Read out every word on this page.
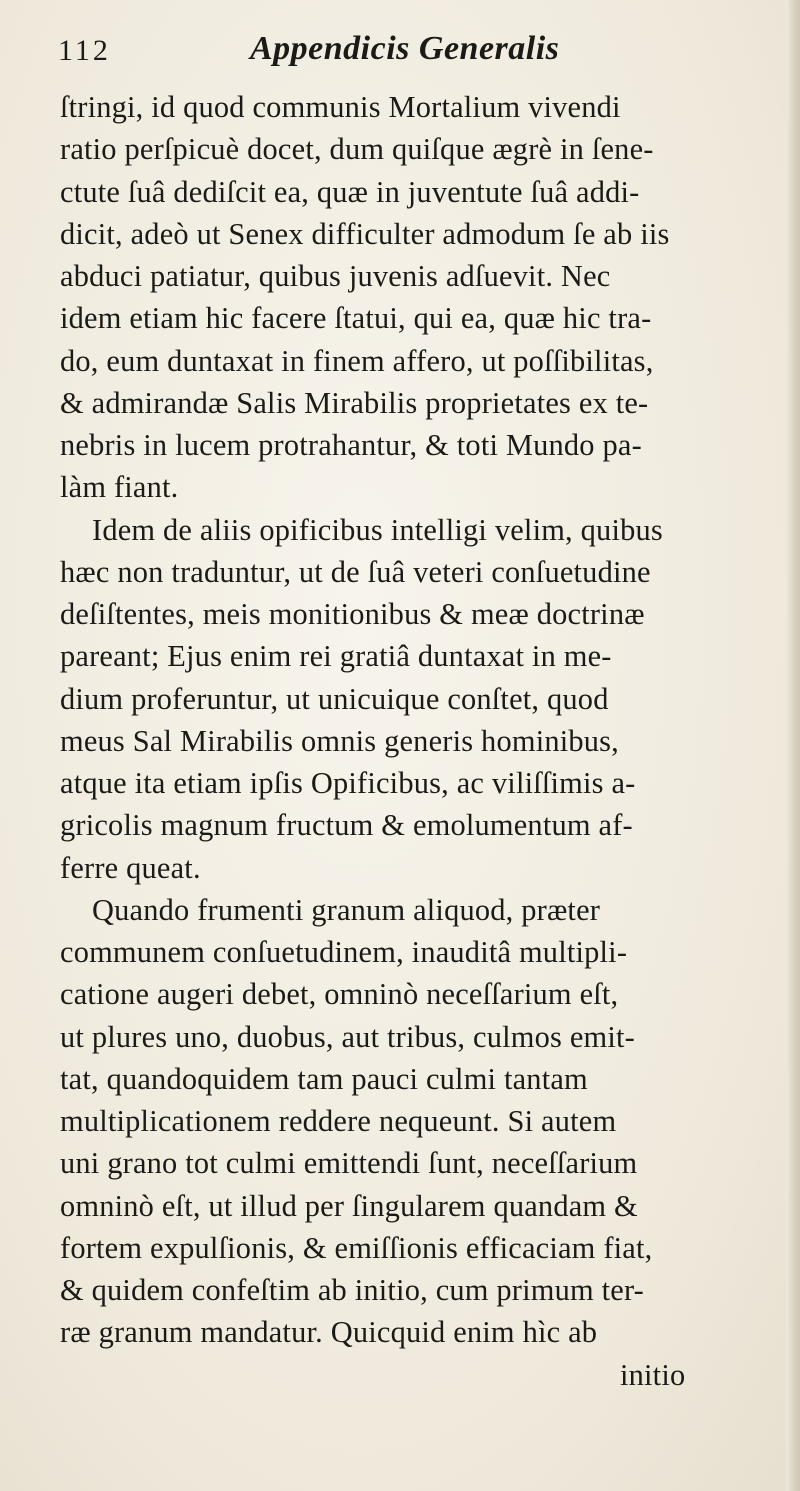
112	Appendicis Generalis
ſtringi, id quod communis Mortalium vivendi
ratio perſpicuè docet, dum quiſque ægrè in ſene-
ctute ſuâ dediſcit ea, quæ in juventute ſuâ addi-
dicit, adeò ut Senex difficulter admodum ſe ab iis
abduci patiatur, quibus juvenis adſuevit. Nec
idem etiam hic facere ſtatui, qui ea, quæ hic tra-
do, eum duntaxat in finem affero, ut poſſibilitas,
& admirandæ Salis Mirabilis proprietates ex te-
nebris in lucem protrahantur, & toti Mundo pa-
làm fiant.
Idem de aliis opificibus intelligi velim, quibus
hæc non traduntur, ut de ſuâ veteri conſuetudine
deſiſtentes, meis monitionibus & meæ doctrinæ
pareant; Ejus enim rei gratiâ duntaxat in me-
dium proferuntur, ut unicuique conſtet, quod
meus Sal Mirabilis omnis generis hominibus,
atque ita etiam ipſis Opificibus, ac viliſſimis a-
gricolis magnum fructum & emolumentum af-
ferre queat.
Quando frumenti granum aliquod, præter
communem conſuetudinem, inauditâ multipli-
catione augeri debet, omninò neceſſarium eſt,
ut plures uno, duobus, aut tribus, culmos emit-
tat, quandoquidem tam pauci culmi tantam
multiplicationem reddere nequeunt. Si autem
uni grano tot culmi emittendi ſunt, neceſſarium
omninò eſt, ut illud per ſingularem quandam &
fortem expulſionis, & emiſſionis efficaciam fiat,
& quidem confeſtim ab initio, cum primum ter-
ræ granum mandatur. Quicquid enim hìc ab
initio
